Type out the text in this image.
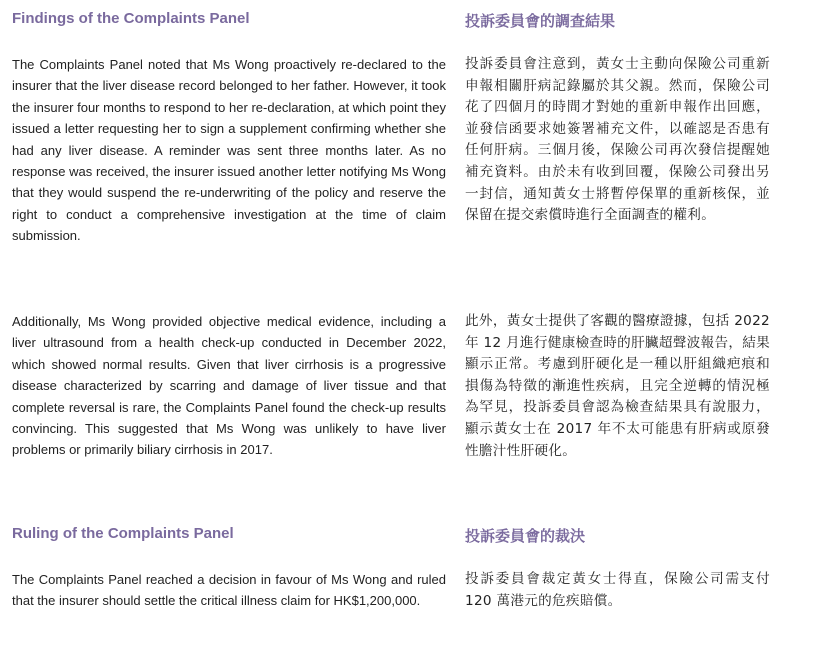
Findings of the Complaints Panel

The Complaints Panel noted that Ms Wong proactively re-declared to the insurer that the liver disease record belonged to her father. However, it took the insurer four months to respond to her re-declaration, at which point they issued a letter requesting her to sign a supplement confirming whether she had any liver disease. A reminder was sent three months later. As no response was received, the insurer issued another letter notifying Ms Wong that they would suspend the re-underwriting of the policy and reserve the right to conduct a comprehensive investigation at the time of claim submission.

Additionally, Ms Wong provided objective medical evidence, including a liver ultrasound from a health check-up conducted in December 2022, which showed normal results. Given that liver cirrhosis is a progressive disease characterized by scarring and damage of liver tissue and that complete reversal is rare, the Complaints Panel found the check-up results convincing. This suggested that Ms Wong was unlikely to have liver problems or primarily biliary cirrhosis in 2017.

Ruling of the Complaints Panel

The Complaints Panel reached a decision in favour of Ms Wong and ruled that the insurer should settle the critical illness claim for HK$1,200,000.

投訴委員會的調查結果

投訴委員會注意到，黃女士主動向保險公司重新申報相關肝病記錄屬於其父親。然而，保險公司花了四個月的時間才對她的重新申報作出回應，並發信函要求她簽署補充文件，以確認是否患有任何肝病。三個月後，保險公司再次發信提醒她補充資料。由於未有收到回覆，保險公司發出另一封信，通知黃女士將暫停保單的重新核保，並保留在提交索償時進行全面調查的權利。

此外，黃女士提供了客觀的醫療證據，包括 2022 年 12 月進行健康檢查時的肝臟超聲波報告，結果顯示正常。考慮到肝硬化是一種以肝組織疤痕和損傷為特徵的漸進性疾病，且完全逆轉的情況極為罕見，投訴委員會認為檢查結果具有說服力，顯示黃女士在 2017 年不太可能患有肝病或原發性膽汁性肝硬化。

投訴委員會的裁決

投訴委員會裁定黃女士得直，保險公司需支付 120 萬港元的危疾賠償。
